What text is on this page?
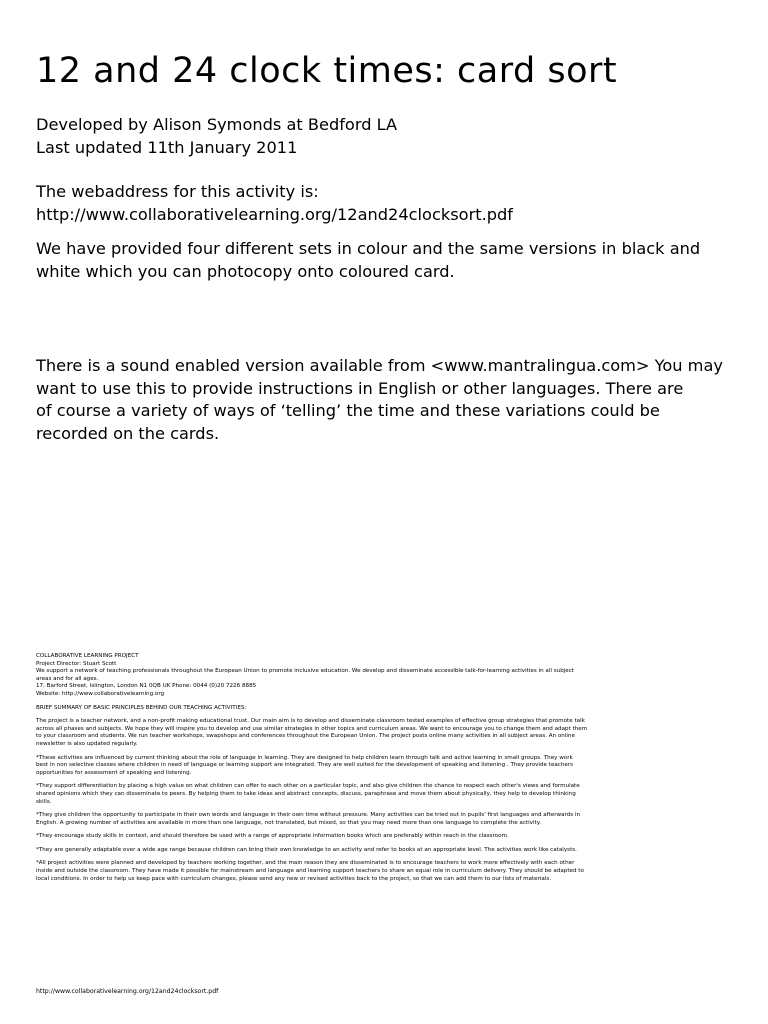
12 and 24 clock times: card sort
Developed by Alison Symonds at Bedford LA
Last updated 11th January 2011
The webaddress for this activity is:
http://www.collaborativelearning.org/12and24clocksort.pdf
We have provided four different sets in colour and the same versions in black and
white which you can photocopy onto coloured card.
There is a sound enabled version available from <www.mantralingua.com> You may
want to use this to provide instructions in English or other languages. There are
of course a variety of ways of ‘telling’ the time and these variations could be
recorded on the cards.

COLLABORATIVE LEARNING PROJECT
Project Director: Stuart Scott
We support a network of teaching professionals throughout the European Union to promote inclusive education. We develop and disseminate accessible talk-for-learning activities in all subject
areas and for all ages.
17, Barford Street, Islington, London N1 0QB UK Phone: 0044 (0)20 7226 8885
Website: http://www.collaborativelearning.org

BRIEF SUMMARY OF BASIC PRINCIPLES BEHIND OUR TEACHING ACTIVITIES:

The project is a teacher network, and a non-profit making educational trust. Our main aim is to develop and disseminate classroom tested examples of effective group strategies that promote talk
across all phases and subjects. We hope they will inspire you to develop and use similar strategies in other topics and curriculum areas. We want to encourage you to change them and adapt them
to your classroom and students. We run teacher workshops, swapshops and conferences throughout the European Union. The project posts online many activities in all subject areas. An online
newsletter is also updated regularly.

*These activities are influenced by current thinking about the role of language in learning. They are designed to help children learn through talk and active learning in small groups. They work
best in non selective classes where children in need of language or learning support are integrated. They are well suited for the development of speaking and listening . They provide teachers
opportunities for assessment of speaking and listening.

*They support differentiation by placing a high value on what children can offer to each other on a particular topic, and also give children the chance to respect each other's views and formulate
shared opinions which they can disseminate to peers. By helping them to take ideas and abstract concepts, discuss, paraphrase and move them about physically, they help to develop thinking
skills.

*They give children the opportunity to participate in their own words and language in their own time without pressure. Many activities can be tried out in pupils' first languages and afterwards in
English. A growing number of activities are available in more than one language, not translated, but mixed, so that you may need more than one language to complete the activity.

*They encourage study skills in context, and should therefore be used with a range of appropriate information books which are preferably within reach in the classroom.

*They are generally adaptable over a wide age range because children can bring their own knowledge to an activity and refer to books at an appropriate level. The activities work like catalysts.

*All project activities were planned and developed by teachers working together, and the main reason they are disseminated is to encourage teachers to work more effectively with each other
inside and outside the classroom. They have made it possible for mainstream and language and learning support teachers to share an equal role in curriculum delivery. They should be adapted to
local conditions. In order to help us keep pace with curriculum changes, please send any new or revised activities back to the project, so that we can add them to our lists of materials.

http://www.collaborativelearning.org/12and24clocksort.pdf
